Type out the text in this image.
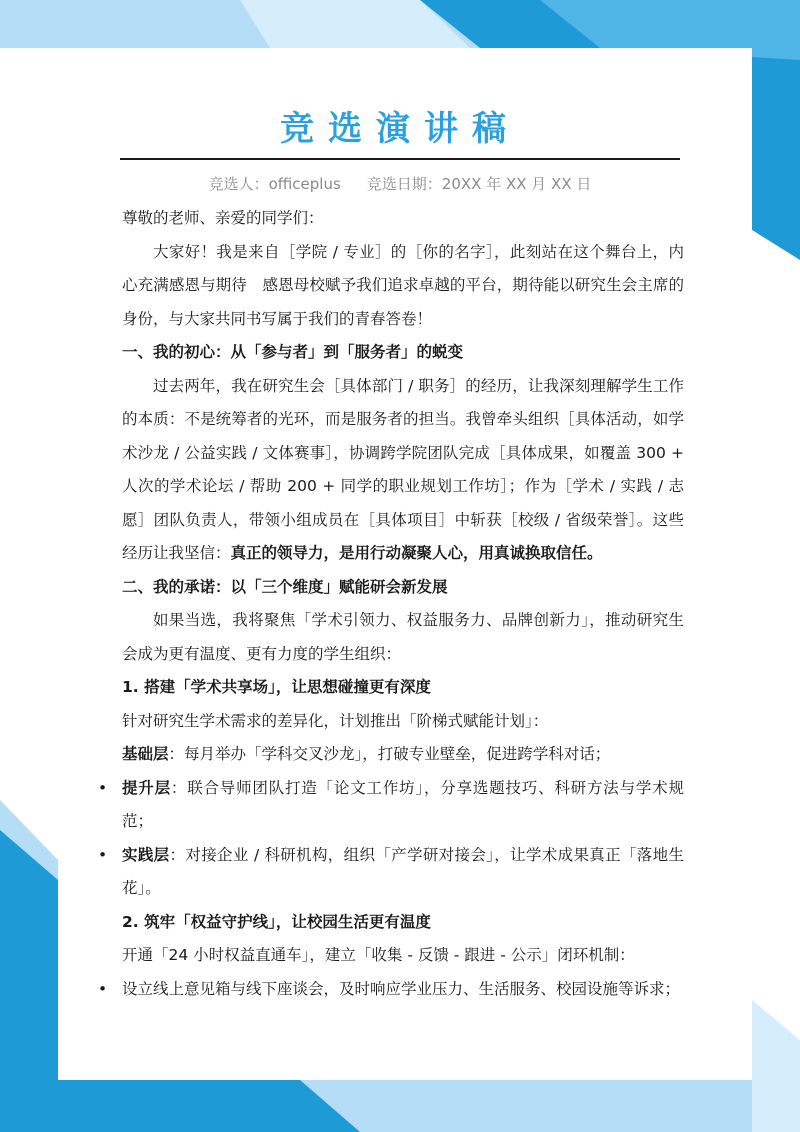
竞选演讲稿
竞选人：officeplus 竞选日期：20XX 年 XX 月 XX 日

尊敬的老师、亲爱的同学们：

大家好！我是来自［学院 / 专业］的［你的名字］，此刻站在这个舞台上，内心充满感恩与期待　感恩母校赋予我们追求卓越的平台，期待能以研究生会主席的身份，与大家共同书写属于我们的青春答卷！

一、我的初心：从「参与者」到「服务者」的蜕变

过去两年，我在研究生会［具体部门 / 职务］的经历，让我深刻理解学生工作的本质：不是统筹者的光环，而是服务者的担当。我曾牵头组织［具体活动，如学术沙龙 / 公益实践 / 文体赛事］，协调跨学院团队完成［具体成果，如覆盖 300 + 人次的学术论坛 / 帮助 200 + 同学的职业规划工作坊］；作为［学术 / 实践 / 志愿］团队负责人，带领小组成员在［具体项目］中斩获［校级 / 省级荣誉］。这些经历让我坚信：真正的领导力，是用行动凝聚人心，用真诚换取信任。

二、我的承诺：以「三个维度」赋能研会新发展

如果当选，我将聚焦「学术引领力、权益服务力、品牌创新力」，推动研究生会成为更有温度、更有力度的学生组织：

1. 搭建「学术共享场」，让思想碰撞更有深度

针对研究生学术需求的差异化，计划推出「阶梯式赋能计划」：

基础层：每月举办「学科交叉沙龙」，打破专业壁垒，促进跨学科对话；

• 提升层：联合导师团队打造「论文工作坊」，分享选题技巧、科研方法与学术规范；

• 实践层：对接企业 / 科研机构，组织「产学研对接会」，让学术成果真正「落地生花」。

2. 筑牢「权益守护线」，让校园生活更有温度

开通「24 小时权益直通车」，建立「收集 - 反馈 - 跟进 - 公示」闭环机制：

• 设立线上意见箱与线下座谈会，及时响应学业压力、生活服务、校园设施等诉求；
